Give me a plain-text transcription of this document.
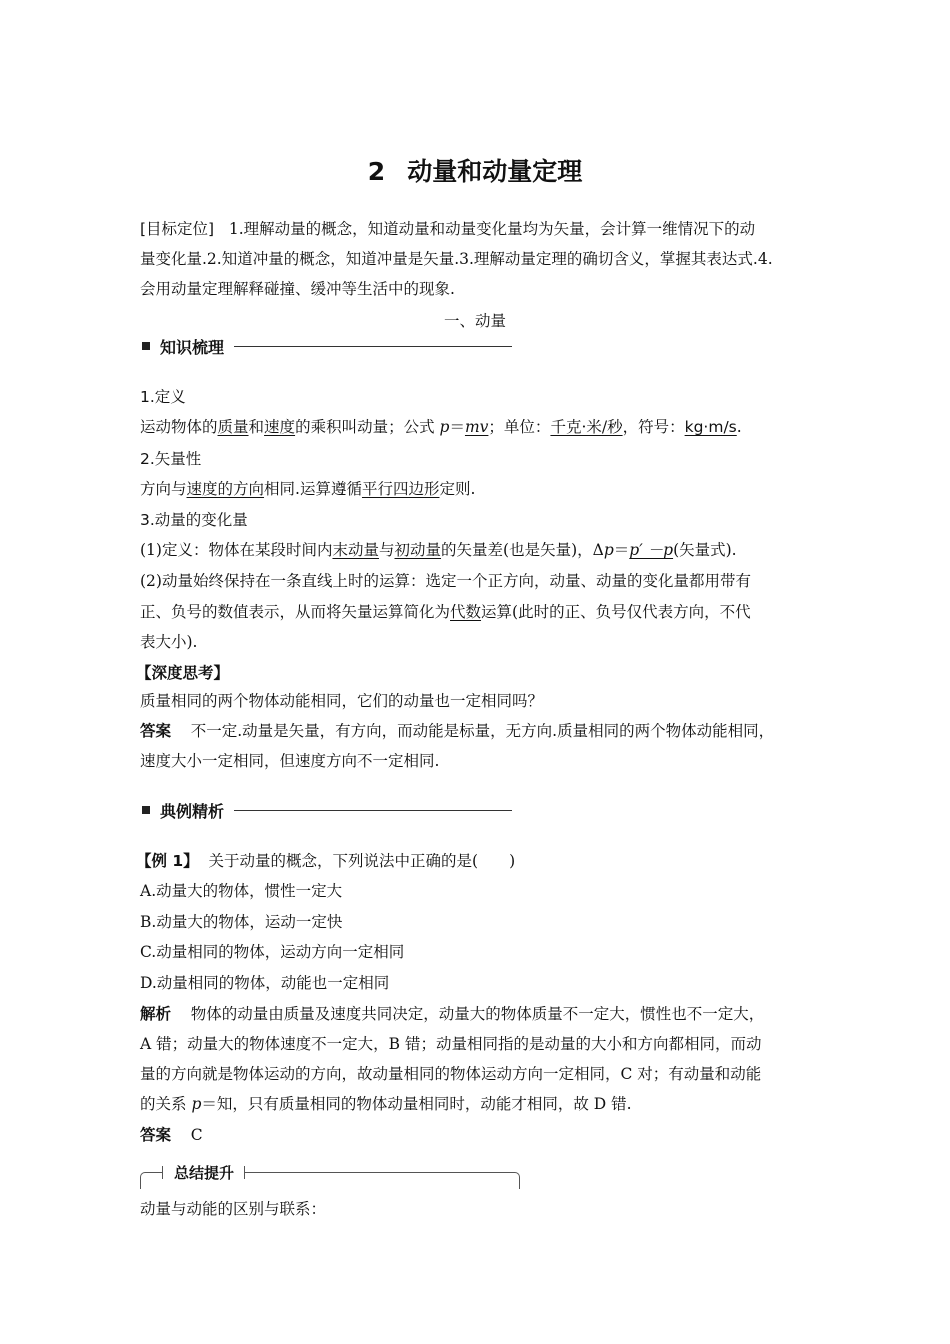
2 动量和动量定理
[目标定位] 1.理解动量的概念，知道动量和动量变化量均为矢量，会计算一维情况下的动
量变化量.2.知道冲量的概念，知道冲量是矢量.3.理解动量定理的确切含义，掌握其表达式.4.
会用动量定理解释碰撞、缓冲等生活中的现象.
一、动量
知识梳理
1.定义
运动物体的质量和速度的乘积叫动量；公式 p＝mv；单位：千克·米/秒，符号：kg·m/s.
2.矢量性
方向与速度的方向相同.运算遵循平行四边形定则.
3.动量的变化量
(1)定义：物体在某段时间内末动量与初动量的矢量差(也是矢量)，Δp＝p′ －p(矢量式).
(2)动量始终保持在一条直线上时的运算：选定一个正方向，动量、动量的变化量都用带有
正、负号的数值表示，从而将矢量运算简化为代数运算(此时的正、负号仅代表方向，不代
表大小).
【深度思考】
质量相同的两个物体动能相同，它们的动量也一定相同吗？
答案 不一定.动量是矢量，有方向，而动能是标量，无方向.质量相同的两个物体动能相同，
速度大小一定相同，但速度方向不一定相同.
典例精析
【例 1】 关于动量的概念，下列说法中正确的是(　　)
A.动量大的物体，惯性一定大
B.动量大的物体，运动一定快
C.动量相同的物体，运动方向一定相同
D.动量相同的物体，动能也一定相同
解析 物体的动量由质量及速度共同决定，动量大的物体质量不一定大，惯性也不一定大，
A 错；动量大的物体速度不一定大，B 错；动量相同指的是动量的大小和方向都相同，而动
量的方向就是物体运动的方向，故动量相同的物体运动方向一定相同，C 对；有动量和动能
的关系 p＝知，只有质量相同的物体动量相同时，动能才相同，故 D 错.
答案 C
总结提升
动量与动能的区别与联系：
